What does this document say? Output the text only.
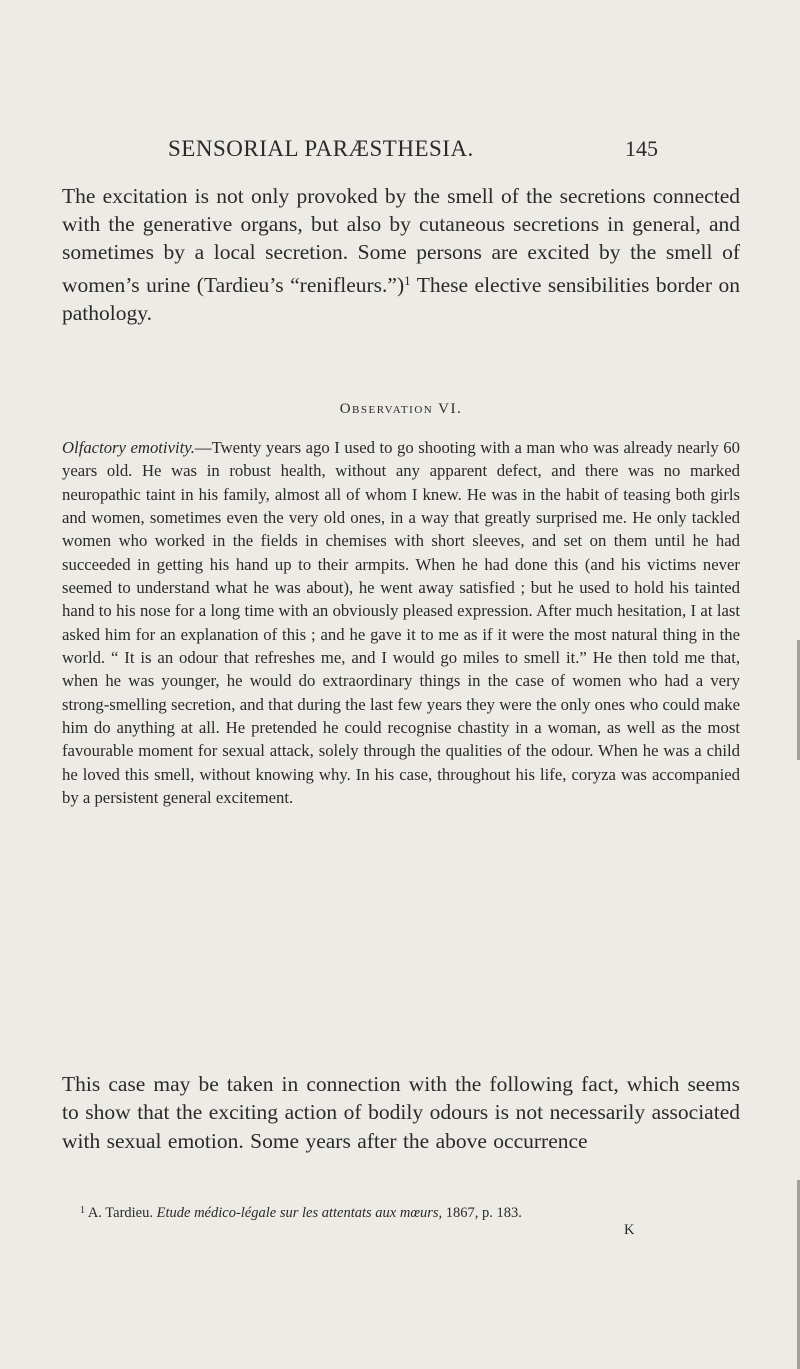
SENSORIAL PARÆSTHESIA.	145

The excitation is not only provoked by the smell of the secretions connected with the generative organs, but also by cutaneous secretions in general, and sometimes by a local secretion. Some persons are excited by the smell of women’s urine (Tardieu’s “renifleurs.”)$^1$ These elective sensibilities border on pathology.

Observation VI.

Olfactory emotivity.—Twenty years ago I used to go shooting with a man who was already nearly 60 years old. He was in robust health, without any apparent defect, and there was no marked neuropathic taint in his family, almost all of whom I knew. He was in the habit of teasing both girls and women, sometimes even the very old ones, in a way that greatly surprised me. He only tackled women who worked in the fields in chemises with short sleeves, and set on them until he had succeeded in getting his hand up to their armpits. When he had done this (and his victims never seemed to understand what he was about), he went away satisfied ; but he used to hold his tainted hand to his nose for a long time with an obviously pleased expression. After much hesitation, I at last asked him for an explanation of this ; and he gave it to me as if it were the most natural thing in the world. “ It is an odour that refreshes me, and I would go miles to smell it.” He then told me that, when he was younger, he would do extraordinary things in the case of women who had a very strong-smelling secretion, and that during the last few years they were the only ones who could make him do anything at all. He pretended he could recognise chastity in a woman, as well as the most favourable moment for sexual attack, solely through the qualities of the odour. When he was a child he loved this smell, without knowing why. In his case, throughout his life, coryza was accompanied by a persistent general excitement.

This case may be taken in connection with the following fact, which seems to show that the exciting action of bodily odours is not necessarily associated with sexual emotion. Some years after the above occurrence

$^1$ A. Tardieu. Etude médico-légale sur les attentats aux mœurs, 1867, p. 183.
K
